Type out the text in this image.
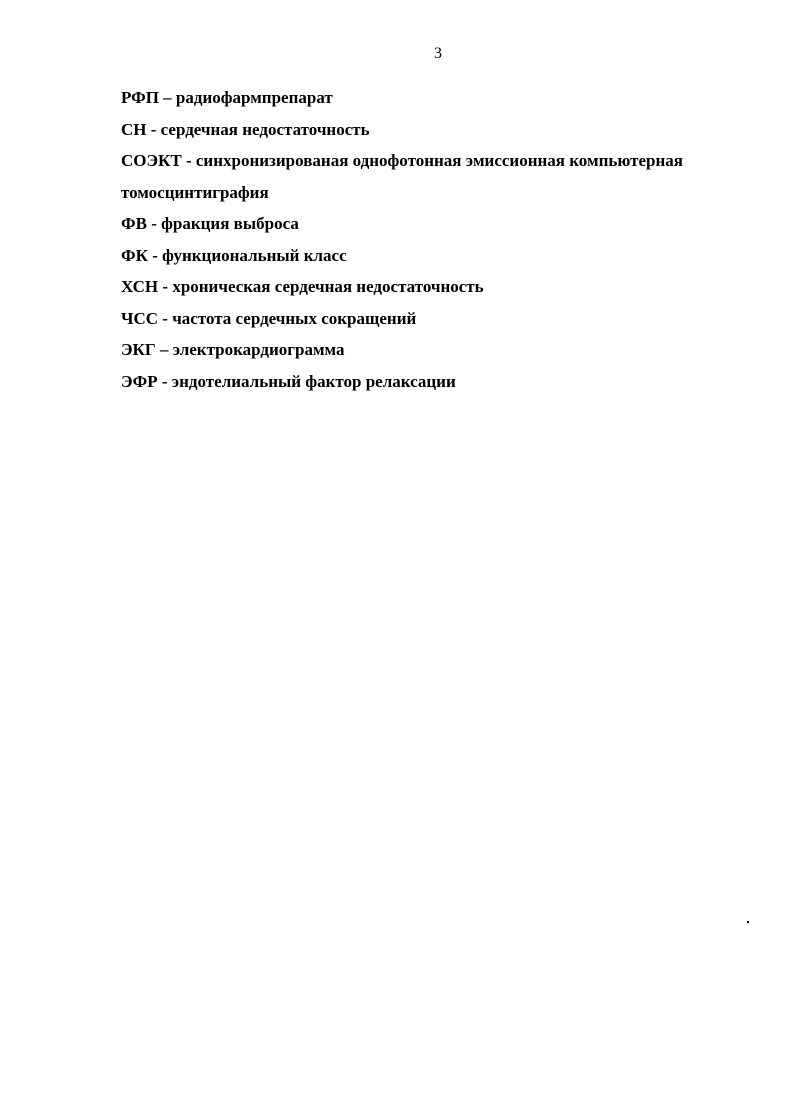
3
РФП – радиофармпрепарат
СН - сердечная недостаточность
СОЭКТ - синхронизированая однофотонная эмиссионная компьютерная томосцинтиграфия
ФВ - фракция выброса
ФК - функциональный класс
ХСН - хроническая сердечная недостаточность
ЧСС - частота сердечных сокращений
ЭКГ – электрокардиограмма
ЭФР - эндотелиальный фактор релаксации
